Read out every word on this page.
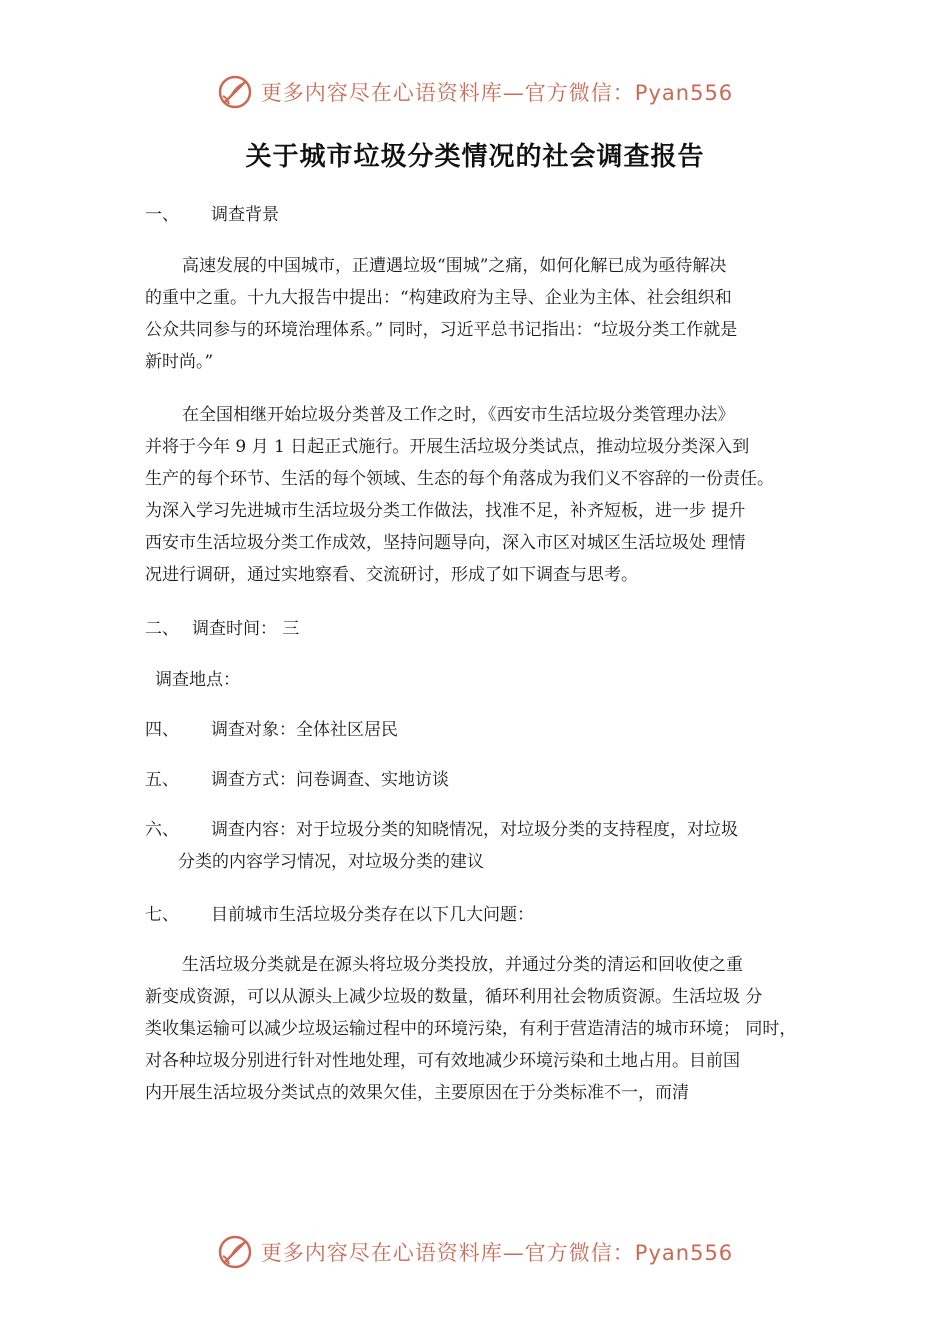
更多内容尽在心语资料库—官方微信：Pyan556
关于城市垃圾分类情况的社会调查报告
一、 调查背景
高速发展的中国城市，正遭遇垃圾“围城”之痛，如何化解已成为亟待解决
的重中之重。十九大报告中提出：“构建政府为主导、企业为主体、社会组织和
公众共同参与的环境治理体系。” 同时，习近平总书记指出：“垃圾分类工作就是
新时尚。”
在全国相继开始垃圾分类普及工作之时，《西安市生活垃圾分类管理办法》
并将于今年 9 月 1 日起正式施行。开展生活垃圾分类试点，推动垃圾分类深入到
生产的每个环节、生活的每个领域、生态的每个角落成为我们义不容辞的一份责任。
为深入学习先进城市生活垃圾分类工作做法，找准不足，补齐短板，进一步 提升
西安市生活垃圾分类工作成效，坚持问题导向，深入市区对城区生活垃圾处 理情
况进行调研，通过实地察看、交流研讨，形成了如下调查与思考。
二、 调查时间： 三
调查地点：
四、 调查对象：全体社区居民
五、 调查方式：问卷调查、实地访谈
六、 调查内容：对于垃圾分类的知晓情况，对垃圾分类的支持程度，对垃圾
分类的内容学习情况，对垃圾分类的建议
七、 目前城市生活垃圾分类存在以下几大问题：
生活垃圾分类就是在源头将垃圾分类投放，并通过分类的清运和回收使之重
新变成资源，可以从源头上减少垃圾的数量，循环利用社会物质资源。生活垃圾 分
类收集运输可以减少垃圾运输过程中的环境污染，有利于营造清洁的城市环境； 同时，
对各种垃圾分别进行针对性地处理，可有效地减少环境污染和土地占用。目前国
内开展生活垃圾分类试点的效果欠佳，主要原因在于分类标准不一，而清
更多内容尽在心语资料库—官方微信：Pyan556
